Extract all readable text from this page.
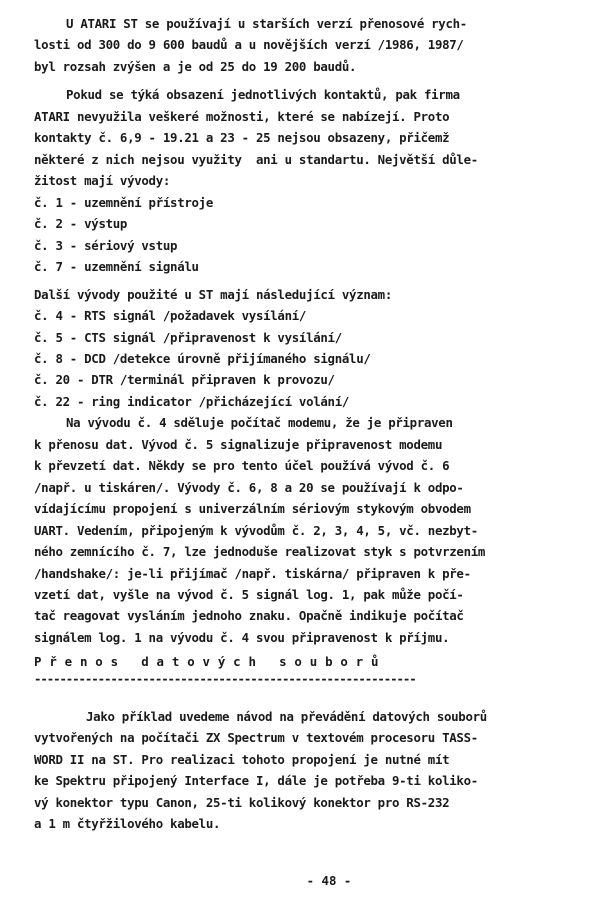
U ATARI ST se používají u starších verzí přenosové rych-
losti od 300 do 9 600 baudů a u novějších verzí /1986, 1987/
byl rozsah zvýšen a je od 25 do 19 200 baudů.
Pokud se týká obsazení jednotlivých kontaktů, pak firma
ATARI nevyužila veškeré možnosti, které se nabízejí. Proto
kontakty č. 6,9 - 19.21 a 23 - 25 nejsou obsazeny, přičemž
některé z nich nejsou využity  ani u standartu. Největší důle-
žitost mají vývody:
č. 1 - uzemnění přístroje
č. 2 - výstup
č. 3 - sériový vstup
č. 7 - uzemnění signálu
Další vývody použité u ST mají následující význam:
č. 4 - RTS signál /požadavek vysílání/
č. 5 - CTS signál /připravenost k vysílání/
č. 8 - DCD /detekce úrovně přijímaného signálu/
č. 20 - DTR /terminál připraven k provozu/
č. 22 - ring indicator /přicházející volání/
Na vývodu č. 4 sděluje počítač modemu, že je připraven
k přenosu dat. Vývod č. 5 signalizuje připravenost modemu
k převzetí dat. Někdy se pro tento účel používá vývod č. 6
/např. u tiskáren/. Vývody č. 6, 8 a 20 se používají k odpo-
vídajícímu propojení s univerzálním sériovým stykovým obvodem
UART. Vedením, připojeným k vývodům č. 2, 3, 4, 5, vč. nezbyt-
ného zemnícího č. 7, lze jednoduše realizovat styk s potvrzením
/handshake/: je-li přijímač /např. tiskárna/ připraven k pře-
vzetí dat, vyšle na vývod č. 5 signál log. 1, pak může počí-
tač reagovat vysláním jednoho znaku. Opačně indikuje počítač
signálem log. 1 na vývodu č. 4 svou připravenost k příjmu.
P ř e n o s   d a t o v ý c h   s o u b o r ů
------------------------------------------------------------
Jako příklad uvedeme návod na převádění datových souborů
vytvořených na počítači ZX Spectrum v textovém procesoru TASS-
WORD II na ST. Pro realizaci tohoto propojení je nutné mít
ke Spektru připojený Interface I, dále je potřeba 9-ti koliko-
vý konektor typu Canon, 25-ti kolikový konektor pro RS-232
a 1 m čtyřžilového kabelu.
- 48 -
